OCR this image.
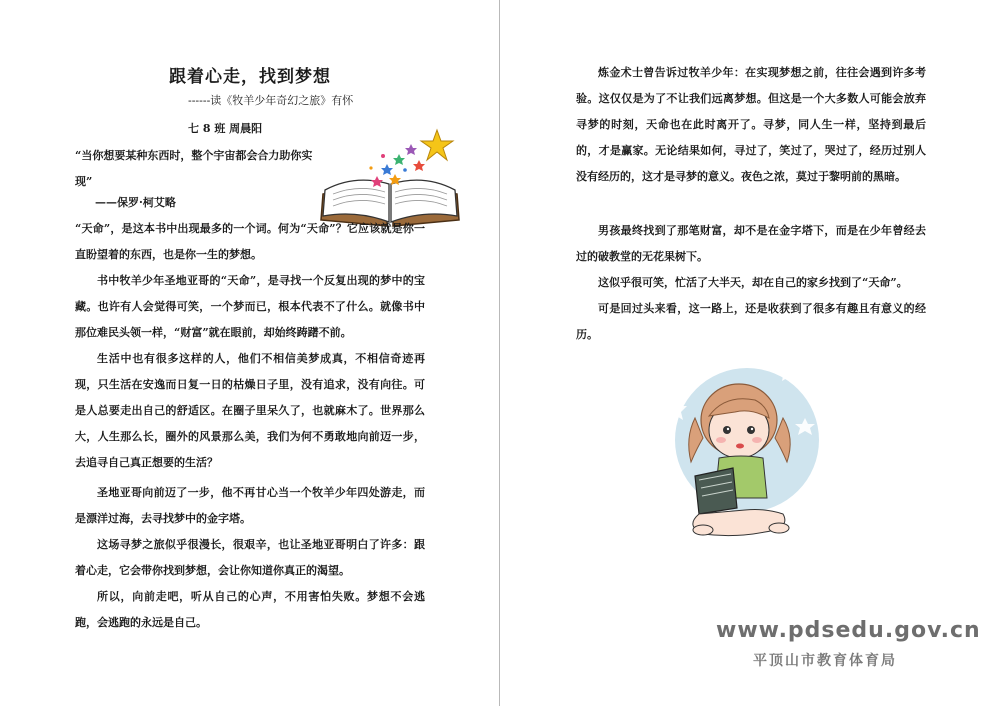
跟着心走，找到梦想
------读《牧羊少年奇幻之旅》有怀
七 8 班 周晨阳
“当你想要某种东西时，整个宇宙都会合力助你实现”
——保罗·柯艾略

“天命”，是这本书中出现最多的一个词。何为“天命”？它应该就是你一直盼望着的东西，也是你一生的梦想。

书中牧羊少年圣地亚哥的“天命”，是寻找一个反复出现的梦中的宝藏。也许有人会觉得可笑，一个梦而已，根本代表不了什么。就像书中那位难民头领一样，“财富”就在眼前，却始终踌躇不前。

生活中也有很多这样的人，他们不相信美梦成真，不相信奇迹再现，只生活在安逸而日复一日的枯燥日子里，没有追求，没有向往。可是人总要走出自己的舒适区。在圈子里呆久了，也就麻木了。世界那么大，人生那么长，圈外的风景那么美，我们为何不勇敢地向前迈一步，去追寻自己真正想要的生活？

圣地亚哥向前迈了一步，他不再甘心当一个牧羊少年四处游走，而是漂洋过海，去寻找梦中的金字塔。

这场寻梦之旅似乎很漫长，很艰辛，也让圣地亚哥明白了许多：跟着心走，它会带你找到梦想，会让你知道你真正的渴望。

所以，向前走吧，听从自己的心声，不用害怕失败。梦想不会逃跑，会逃跑的永远是自己。

炼金术士曾告诉过牧羊少年：在实现梦想之前，往往会遇到许多考验。这仅仅是为了不让我们远离梦想。但这是一个大多数人可能会放弃寻梦的时刻，天命也在此时离开了。寻梦，同人生一样，坚持到最后的，才是赢家。无论结果如何，寻过了，笑过了，哭过了，经历过别人没有经历的，这才是寻梦的意义。夜色之浓，莫过于黎明前的黑暗。

男孩最终找到了那笔财富，却不是在金字塔下，而是在少年曾经去过的破教堂的无花果树下。

这似乎很可笑，忙活了大半天，却在自己的家乡找到了“天命”。

可是回过头来看，这一路上，还是收获到了很多有趣且有意义的经历。

www.pdsedu.gov.cn
平顶山市教育体育局
